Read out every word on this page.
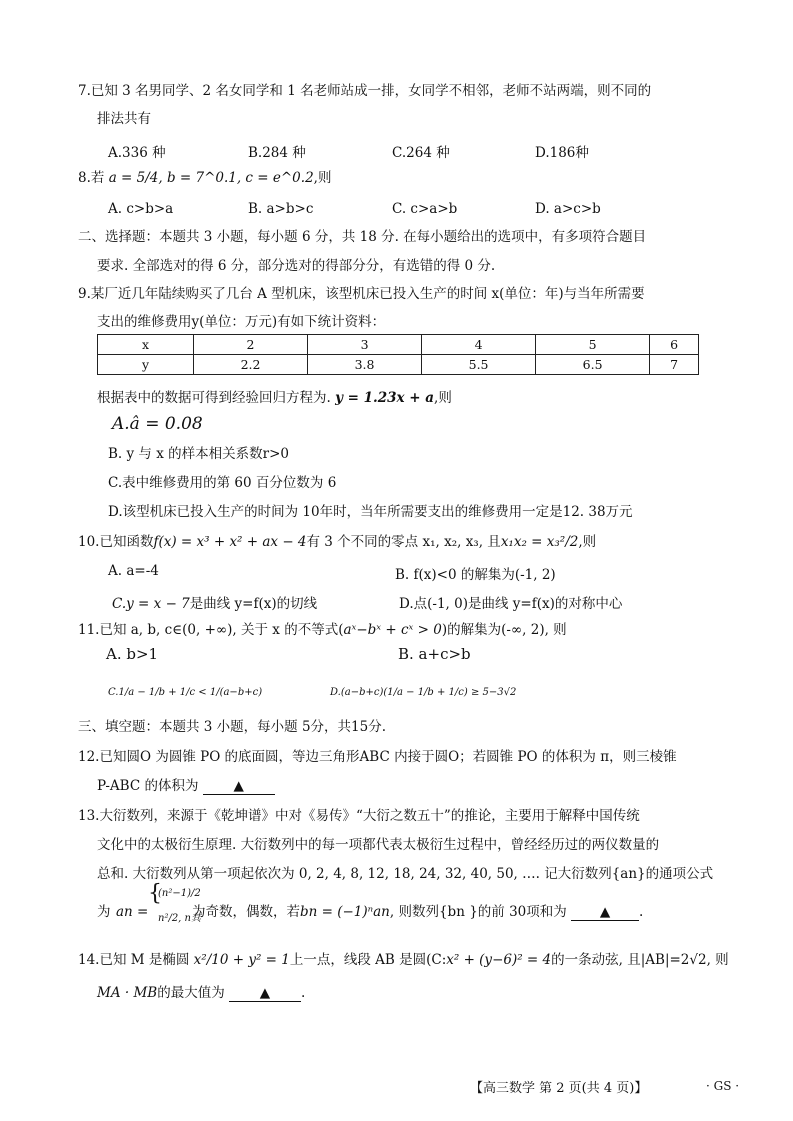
7.已知 3 名男同学、2 名女同学和 1 名老师站成一排，女同学不相邻，老师不站两端，则不同的
排法共有
A.336 种	B.284 种	C.264 种	D.186种
8.若 a = 5/4, b = 7^0.1, c = e^0.2,则
A. c>b>a	B. a>b>c	C. c>a>b	D. a>c>b
二、选择题：本题共 3 小题，每小题 6 分，共 18 分. 在每小题给出的选项中，有多项符合题目
要求. 全部选对的得 6 分，部分选对的得部分分，有选错的得 0 分.
9.某厂近几年陆续购买了几台 A 型机床，该型机床已投入生产的时间 x(单位：年)与当年所需要
支出的维修费用y(单位：万元)有如下统计资料：
x	2	3	4	5	6
y	2.2	3.8	5.5	6.5	7
根据表中的数据可得到经验回归方程为. y = 1.23x + a,则
A.â = 0.08
B. y 与 x 的样本相关系数r>0
C.表中维修费用的第 60 百分位数为 6
D.该型机床已投入生产的时间为 10年时，当年所需要支出的维修费用一定是12. 38万元
10.已知函数f(x) = x³ + x² + ax − 4有 3 个不同的零点 x₁, x₂, x₃, 且x₁x₂ = x₃²/2,则
A. a=-4	B. f(x)<0 的解集为(-1, 2)
C.y = x − 7是曲线 y=f(x)的切线	D.点(-1, 0)是曲线 y=f(x)的对称中心
11.已知 a, b, c∈(0, +∞), 关于 x 的不等式(aˣ−bˣ + cˣ > 0)的解集为(-∞, 2), 则
A. b>1	B. a+c>b
C.1/a − 1/b + 1/c < 1/(a−b+c)	D.(a−b+c)(1/a − 1/b + 1/c) ≥ 5−3√2
三、填空题：本题共 3 小题，每小题 5分，共15分.
12.已知圆O 为圆锥 PO 的底面圆，等边三角形ABC 内接于圆O；若圆锥 PO 的体积为 π，则三棱锥
P-ABC 的体积为	▲
13.大衍数列，来源于《乾坤谱》中对《易传》“大衍之数五十”的推论，主要用于解释中国传统
文化中的太极衍生原理. 大衍数列中的每一项都代表太极衍生过程中，曾经经历过的两仪数量的
总和. 大衍数列从第一项起依次为 0, 2, 4, 8, 12, 18, 24, 32, 40, 50, …. 记大衍数列{an}的通项公式
为 an =
{
(n²−1)/2
n²/2, n其
为奇数，偶数，若bn = (−1)ⁿan, 则数列{bn }的前 30项和为 ▲ .
14.已知 M 是椭圆 x²/10 + y² = 1上一点，线段 AB 是圆(C:x² + (y−6)² = 4的一条动弦, 且|AB|=2√2, 则
MA · MB的最大值为	▲ .
【高三数学 第 2 页(共 4 页)】	· GS ·
